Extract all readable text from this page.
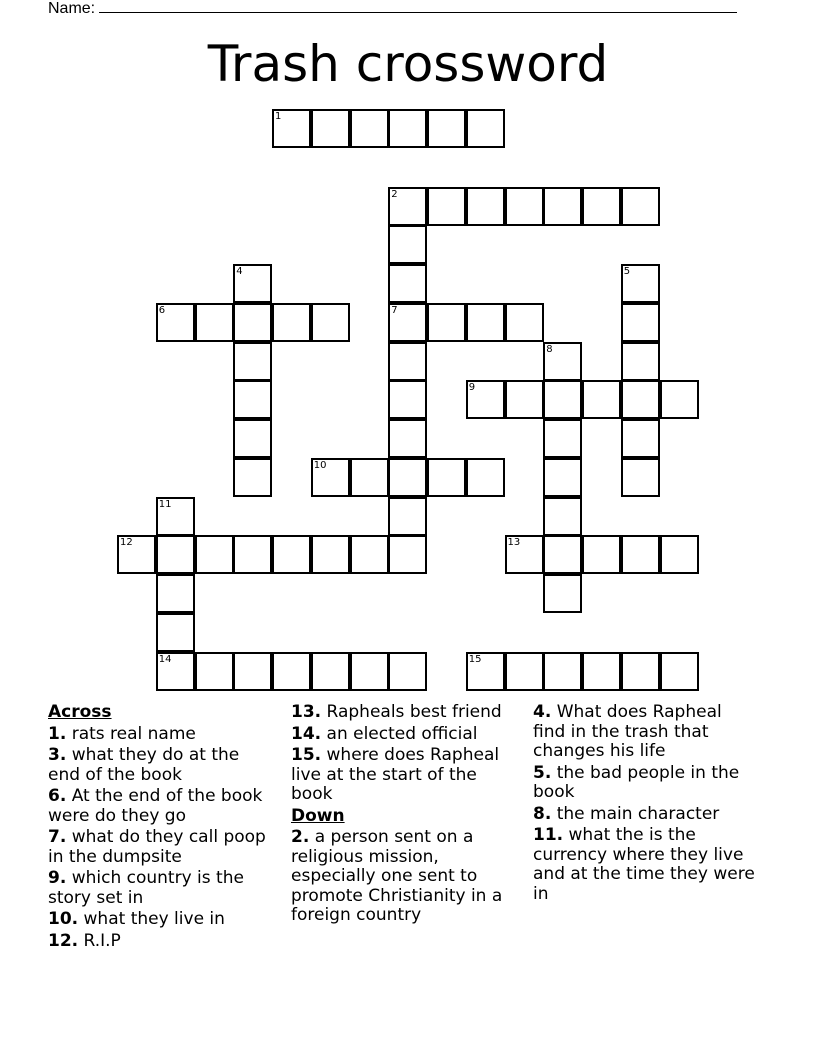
Name:
Trash crossword
1
2
6	7
9
10
12	13
14	15
4	5
8
11
Across
1. rats real name
3. what they do at the end of the book
6. At the end of the book were do they go
7. what do they call poop in the dumpsite
9. which country is the story set in
10. what they live in
12. R.I.P
13. Rapheals best friend
14. an elected official
15. where does Rapheal live at the start of the book
Down
2. a person sent on a religious mission, especially one sent to promote Christianity in a foreign country
4. What does Rapheal find in the trash that changes his life
5. the bad people in the book
8. the main character
11. what the is the currency where they live and at the time they were in
